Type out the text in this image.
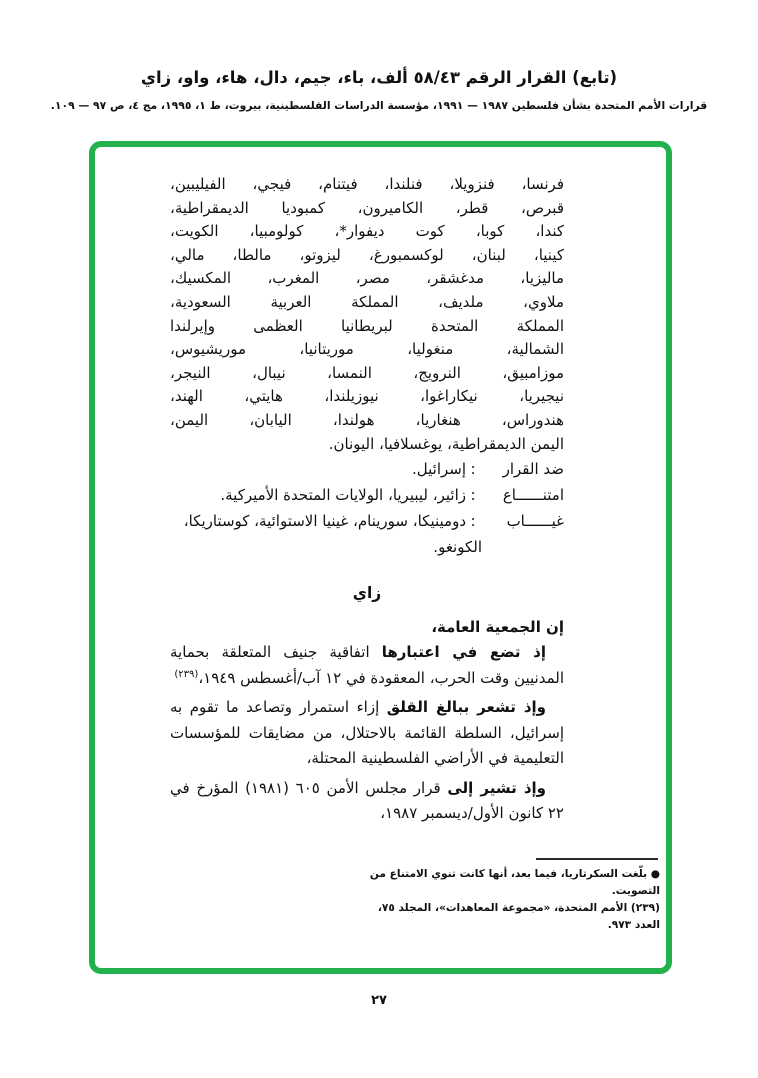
(تابع) القرار الرقم ٥٨/٤٣ ألف، باء، جيم، دال، هاء، واو، زاي
قرارات الأمم المتحدة بشأن فلسطين ١٩٨٧ — ١٩٩١، مؤسسة الدراسات الفلسطينية، بيروت، ط ١، ١٩٩٥، مج ٤، ص ٩٧ — ١٠٩.
فرنسا، فنزويلا، فنلندا، فيتنام، فيجي، الفيليبين،
قبرص، قطر، الكاميرون، كمبوديا الديمقراطية،
كندا، كوبا، كوت ديفوار*، كولومبيا، الكويت،
كينيا، لبنان، لوكسمبورغ، ليزوتو، مالطا، مالي،
ماليزيا، مدغشقر، مصر، المغرب، المكسيك،
ملاوي، ملديف، المملكة العربية السعودية،
المملكة المتحدة لبريطانيا العظمى وإيرلندا
الشمالية، منغوليا، موريتانيا، موريشيوس،
موزامبيق، النرويج، النمسا، نيبال، النيجر،
نيجيريا، نيكاراغوا، نيوزيلندا، هايتي، الهند،
هندوراس، هنغاريا، هولندا، اليابان، اليمن،
اليمن الديمقراطية، يوغسلافيا، اليونان.
ضد القرار
:
إسرائيل.
امتنــــــاع
:
زائير، ليبيريا، الولايات المتحدة الأميركية.
غيــــــاب
:
دومينيكا، سورينام، غينيا الاستوائية، كوستاريكا،
الكونغو.
زاي
إن الجمعية العامة،

إذ تضع في اعتبارها اتفاقية جنيف المتعلقة بحماية المدنيين وقت الحرب، المعقودة في ١٢ آب/أغسطس ١٩٤٩،$^{(٢٣٩)}$

وإذ تشعر ببالغ القلق إزاء استمرار وتصاعد ما تقوم به إسرائيل، السلطة القائمة بالاحتلال، من مضايقات للمؤسسات التعليمية في الأراضي الفلسطينية المحتلة،

وإذ تشير إلى قرار مجلس الأمن ٦٠٥ (١٩٨١) المؤرخ في ٢٢ كانون الأول/ديسمبر ١٩٨٧،

● بلّغت السكرتاريا، فيما بعد، أنها كانت تنوي الامتناع من التصويت.
(٢٣٩) الأمم المتحدة، «مجموعة المعاهدات»، المجلد ٧٥، العدد ٩٧٣.
٢٧
